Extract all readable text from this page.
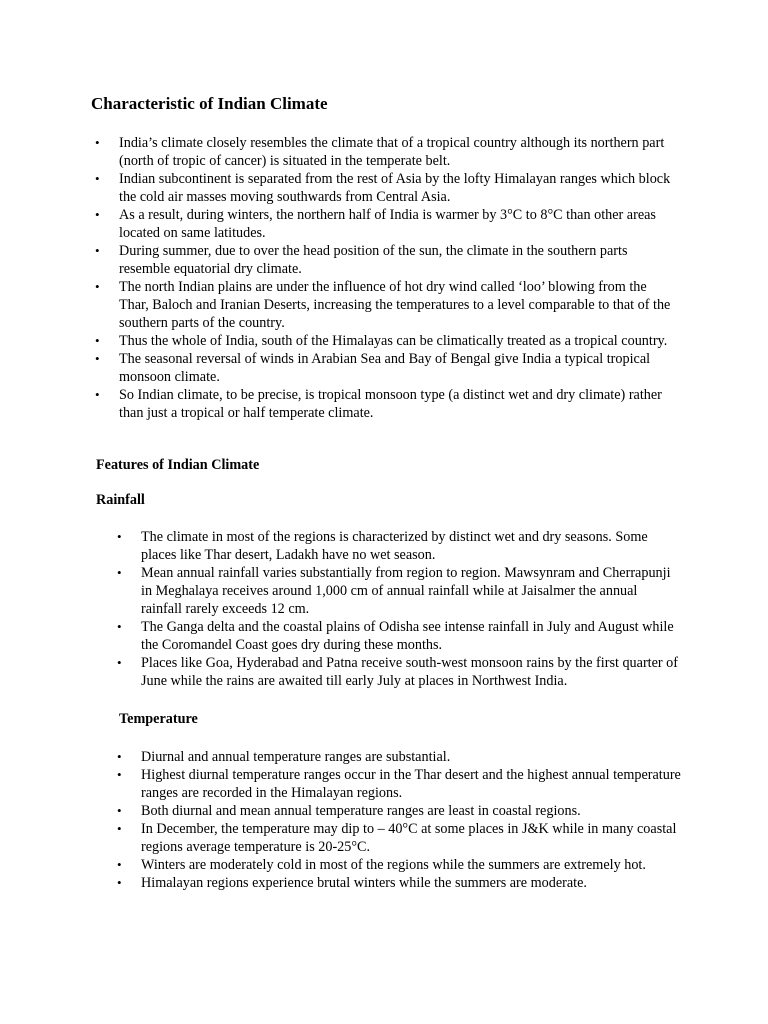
Characteristic of Indian Climate
• India’s climate closely resembles the climate that of a tropical country although its northern part (north of tropic of cancer) is situated in the temperate belt.
• Indian subcontinent is separated from the rest of Asia by the lofty Himalayan ranges which block the cold air masses moving southwards from Central Asia.
• As a result, during winters, the northern half of India is warmer by 3°C to 8°C than other areas located on same latitudes.
• During summer, due to over the head position of the sun, the climate in the southern parts resemble equatorial dry climate.
• The north Indian plains are under the influence of hot dry wind called ‘loo’ blowing from the Thar, Baloch and Iranian Deserts, increasing the temperatures to a level comparable to that of the southern parts of the country.
• Thus the whole of India, south of the Himalayas can be climatically treated as a tropical country.
• The seasonal reversal of winds in Arabian Sea and Bay of Bengal give India a typical tropical monsoon climate.
• So Indian climate, to be precise, is tropical monsoon type (a distinct wet and dry climate) rather than just a tropical or half temperate climate.
Features of Indian Climate
Rainfall
• The climate in most of the regions is characterized by distinct wet and dry seasons. Some places like Thar desert, Ladakh have no wet season.
• Mean annual rainfall varies substantially from region to region. Mawsynram and Cherrapunji in Meghalaya receives around 1,000 cm of annual rainfall while at Jaisalmer the annual rainfall rarely exceeds 12 cm.
• The Ganga delta and the coastal plains of Odisha see intense rainfall in July and August while the Coromandel Coast goes dry during these months.
• Places like Goa, Hyderabad and Patna receive south-west monsoon rains by the first quarter of June while the rains are awaited till early July at places in Northwest India.
Temperature
• Diurnal and annual temperature ranges are substantial.
• Highest diurnal temperature ranges occur in the Thar desert and the highest annual temperature ranges are recorded in the Himalayan regions.
• Both diurnal and mean annual temperature ranges are least in coastal regions.
• In December, the temperature may dip to – 40°C at some places in J&K while in many coastal regions average temperature is 20-25°C.
• Winters are moderately cold in most of the regions while the summers are extremely hot.
• Himalayan regions experience brutal winters while the summers are moderate.
